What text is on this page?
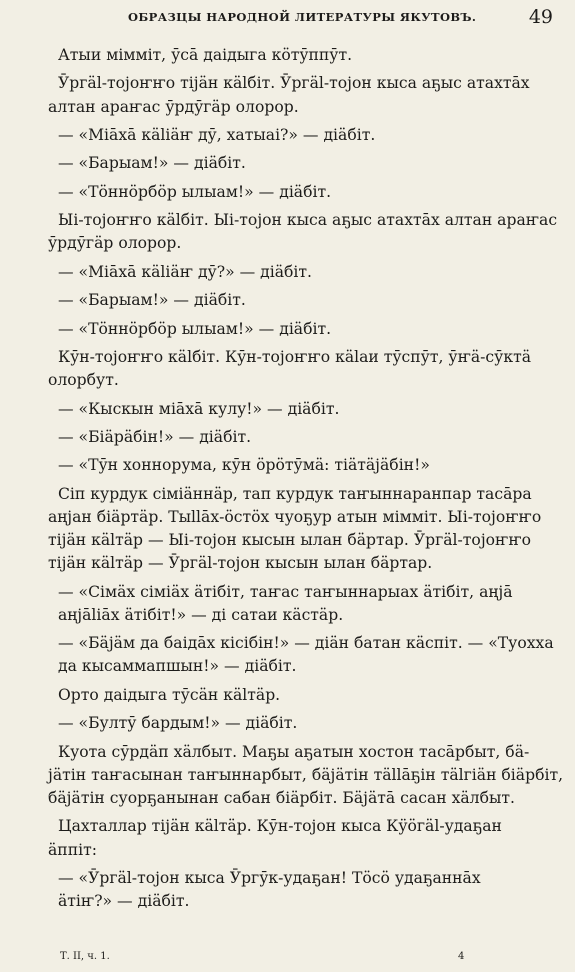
ОБРАЗЦЫ НАРОДНОЙ ЛИТЕРАТУРЫ ЯКУТОВЪ.	49

Атыи мiммiт, ӯсā даiдыга кӧтӯппӯт.

Ӯргäl-тоjоҥҥо тiјäн кälбiт. Ӯргäl-тоjон кыса аҕыс атахтāх
алтан араҥас ӯрдӯгäр олорор.

— «Мiāхā кäliäҥ дӯ, хатыаi?» — дiäбiт.

— «Барыам!» — дiäбiт.

— «Тӧннӧрбӧр ылыам!» — дiäбiт.

Ыi-тоjоҥҥо кälбiт. Ыi-тоjон кыса аҕыс атахтāх алтан араҥас
ӯрдӯгäр олорор.

— «Мiāхā кäliäҥ дӯ?» — дiäбiт.

— «Барыам!» — дiäбiт.

— «Тӧннӧрбӧр ылыам!» — дiäбiт.

Кӯн-тоjоҥҥо кälбiт. Кӯн-тоjоҥҥо кälаи тӯспӯт, ӯҥä-сӯктä
олорбут.

— «Кыскын мiāхā кулу!» — дiäбiт.

— «Бiäрäбiн!» — дiäбiт.

— «Тӯн хоннорума, кӯн ӧрӧтӯмä: тiäтäjäбiн!»

Сiп курдук сiмiäннäр, тап курдук таҥыннаранпар тасāра
аңјан бiäртäр. Тыllāх-ӧстӧх чуоҕур атын мiммiт. Ыi-тоjоҥҥо
тiјäн кälтäр — Ыi-тоjон кысын ылан бäртар. Ӯргäl-тоjоҥҥо
тiјäн кälтäр — Ӯргäl-тоjон кысын ылан бäртар.

— «Сiмäх сiмiäх äтiбiт, таҥас таҥыннарыах äтiбiт, аңјā
аңјāliāх äтiбiт!» — дi сатаи кäстäр.

— «Бäјäм да баiдāх кiсiбiн!» — дiäн батан кäспiт. — «Туохха
да кысаммапшын!» — дiäбiт.

Орто даiдыга тӯсäн кälтäр.

— «Бултӯ бардым!» — дiäбiт.

Куота сӯрдäп хäлбыт. Маҕы аҕатын хостон тасāрбыт, бä-
јäтiн таҥасынан таҥыннарбыт, бäјäтiн тällāҕiн тälгiäн бiäрбiт,
бäјäтiн суорҕанынан сабан бiäрбiт. Бäјäтā сасан хäлбыт.

Цахталлар тiјäн кälтäр. Кӯн-тоjон кыса Кӱӧгäl-удаҕан
äппiт:

— «Ӯргäl-тоjон кыса Ӯргӯк-удаҕан! Тӧсӧ удаҕаннāх
äтiҥ?» — дiäбiт.

Т. II, ч. 1.	4
